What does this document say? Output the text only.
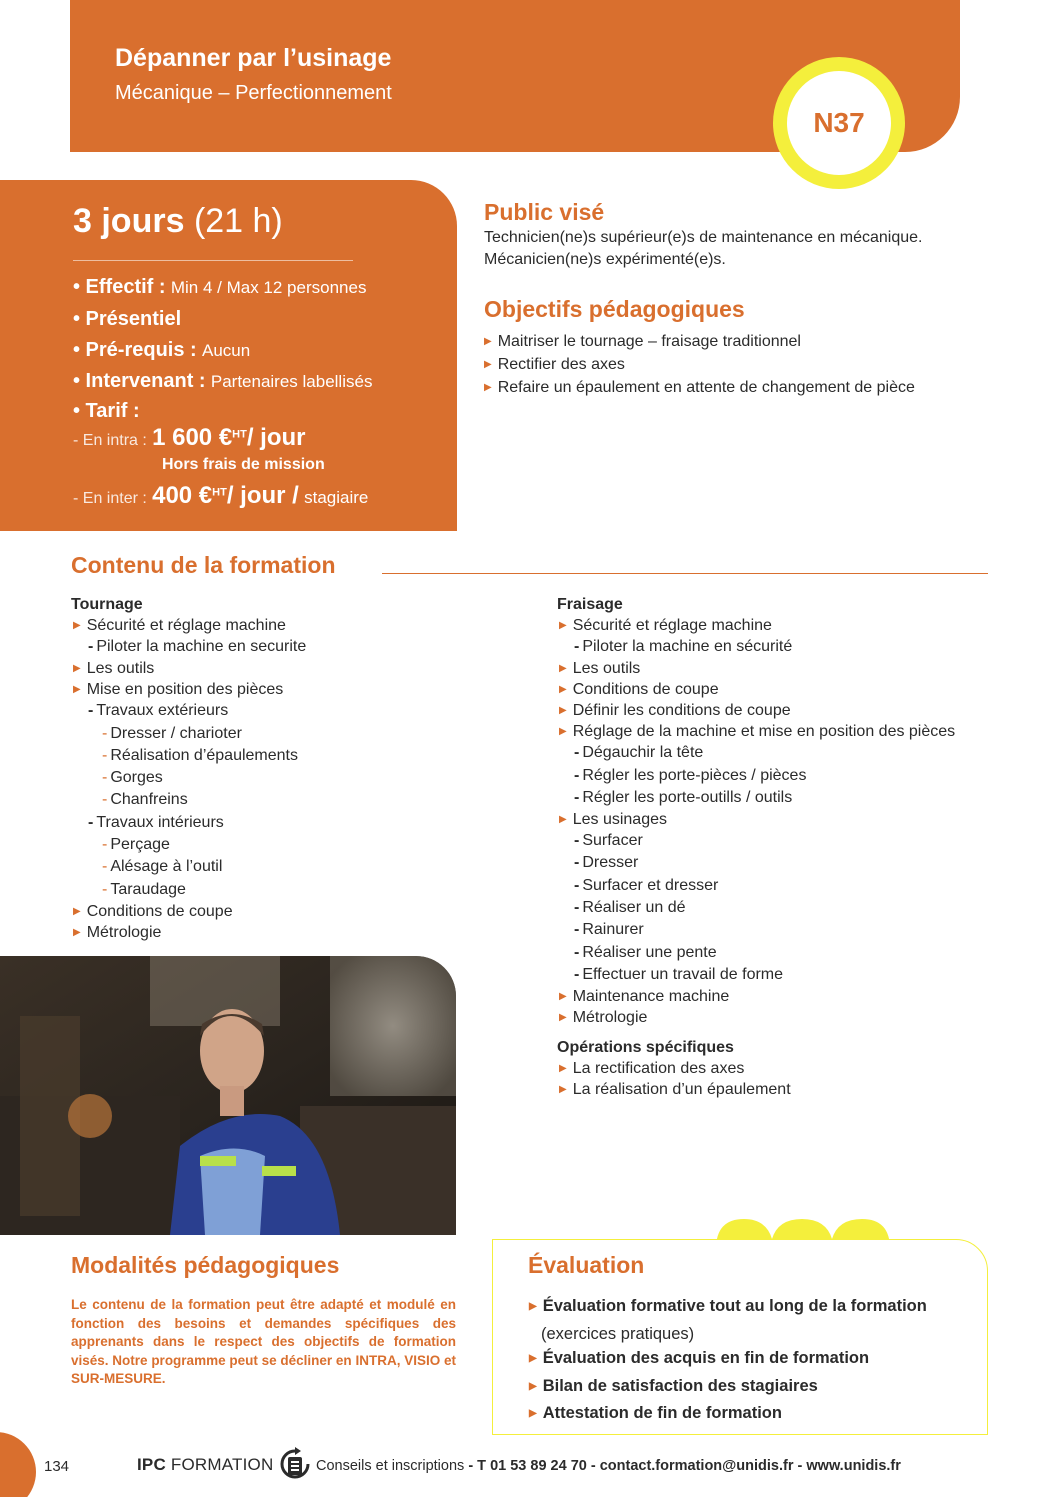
Dépanner par l’usinage
Mécanique – Perfectionnement
N37
3 jours (21 h)
• Effectif : Min 4 / Max 12 personnes
• Présentiel
• Pré-requis : Aucun
• Intervenant : Partenaires labellisés
• Tarif :
- En intra : 1 600 €$^{HT}$/ jour
Hors frais de mission
- En inter : 400 €$^{HT}$/ jour / stagiaire
Public visé
Technicien(ne)s supérieur(e)s de maintenance en mécanique.
Mécanicien(ne)s expérimenté(e)s.
Objectifs pédagogiques
▶ Maitriser le tournage – fraisage traditionnel
▶ Rectifier des axes
▶ Refaire un épaulement en attente de changement de pièce
Contenu de la formation
Tournage
▶ Sécurité et réglage machine
- Piloter la machine en securite
▶ Les outils
▶ Mise en position des pièces
- Travaux extérieurs
- Dresser / charioter
- Réalisation d’épaulements
- Gorges
- Chanfreins
- Travaux intérieurs
- Perçage
- Alésage à l’outil
- Taraudage
▶ Conditions de coupe
▶ Métrologie
Fraisage
▶ Sécurité et réglage machine
- Piloter la machine en sécurité
▶ Les outils
▶ Conditions de coupe
▶ Définir les conditions de coupe
▶ Réglage de la machine et mise en position des pièces
- Dégauchir la tête
- Régler les porte-pièces / pièces
- Régler les porte-outills / outils
▶ Les usinages
- Surfacer
- Dresser
- Surfacer et dresser
- Réaliser un dé
- Rainurer
- Réaliser une pente
- Effectuer un travail de forme
▶ Maintenance machine
▶ Métrologie
Opérations spécifiques
▶ La rectification des axes
▶ La réalisation d’un épaulement
Modalités pédagogiques
Le contenu de la formation peut être adapté et modulé en fonction des besoins et demandes spécifiques des apprenants dans le respect des objectifs de formation visés. Notre programme peut se décliner en INTRA, VISIO et SUR-MESURE.
Évaluation
▶ Évaluation formative tout au long de la formation
(exercices pratiques)
▶ Évaluation des acquis en fin de formation
▶ Bilan de satisfaction des stagiaires
▶ Attestation de fin de formation
134	IPC FORMATION	Conseils et inscriptions - T 01 53 89 24 70 - contact.formation@unidis.fr - www.unidis.fr
